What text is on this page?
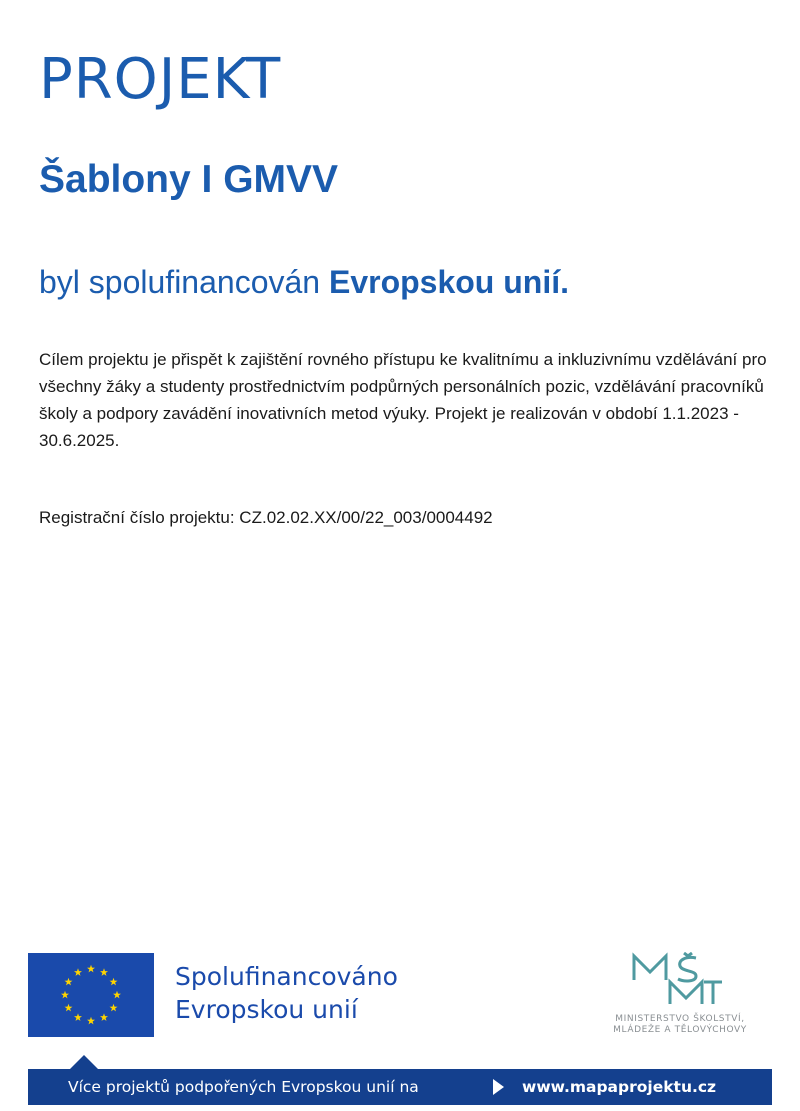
PROJEKT
Šablony I GMVV

byl spolufinancován Evropskou unií.

Cílem projektu je přispět k zajištění rovného přístupu ke kvalitnímu a inkluzivnímu vzdělávání pro všechny žáky a studenty prostřednictvím podpůrných personálních pozic, vzdělávání pracovníků školy a podpory zavádění inovativních metod výuky. Projekt je realizován v období 1.1.2023 - 30.6.2025.

Registrační číslo projektu: CZ.02.02.XX/00/22_003/0004492

Spolufinancováno
Evropskou unií	MINISTERSTVO ŠKOLSTVÍ,
MLÁDEŽE A TĚLOVÝCHOVY
Více projektů podpořených Evropskou unií na	www.mapaprojektu.cz
